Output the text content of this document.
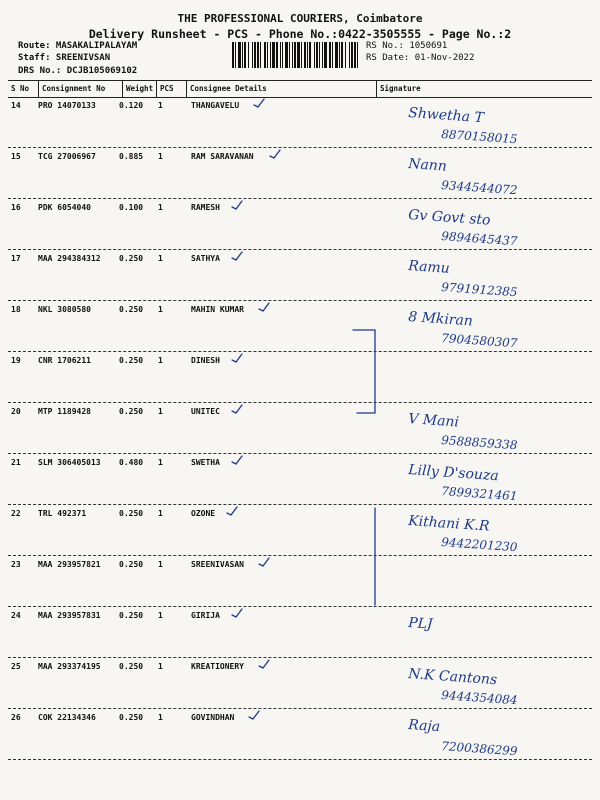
THE PROFESSIONAL COURIERS, Coimbatore
Delivery Runsheet - PCS - Phone No.:0422-3505555 - Page No.:2
Route: MASAKALIPALAYAM
Staff: SREENIVSAN
DRS No.: DCJB105069102
RS No.: 1050691
RS Date: 01-Nov-2022
S No	Consignment No	Weight PCS	Consignee Details	Signature
14 PRO 14070133	0.120 1	THANGAVELU	Shwetha T
8870158015
15 TCG 27006967	0.885 1	RAM SARAVANAN	Nann
9344544072
16 PDK 6054040	0.100 1	RAMESH	Gv Govt sto
9894645437
17 MAA 294384312 0.250 1	SATHYA	Ramu
9791912385
18 NKL 3080580	0.250 1	MAHIN KUMAR	8 Mkiran
7904580307
19 CNR 1706211	0.250 1	DINESH
20 MTP 1189428	0.250 1	UNITEC	V Mani
9588859338
21 SLM 306405013 0.480 1	SWETHA	Lilly D'souza
7899321461
22 TRL 492371	0.250 1	OZONE	Kithani K.R
9442201230
23 MAA 293957821 0.250 1	SREENIVASAN
24 MAA 293957831 0.250 1	GIRIJA	PLJ
25 MAA 293374195 0.250 1	KREATIONERY	N.K Cantons
9444354084
26 COK 22134346	0.250 1	GOVINDHAN	Raja
7200386299
